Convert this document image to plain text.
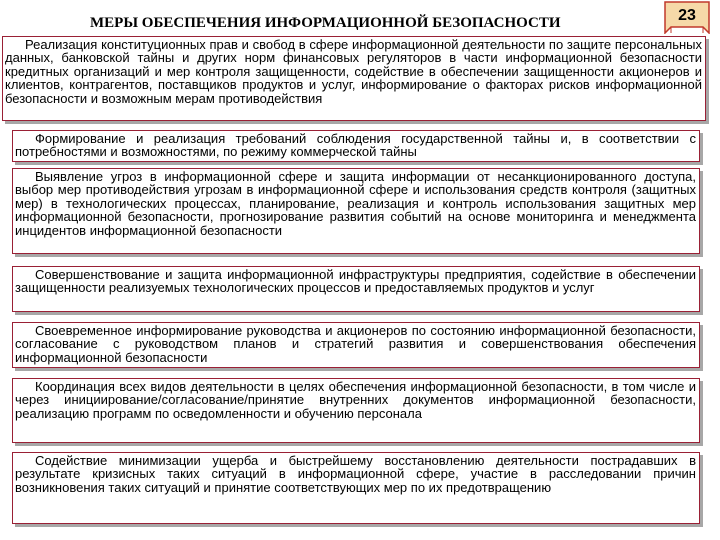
МЕРЫ ОБЕСПЕЧЕНИЯ ИНФОРМАЦИОННОЙ БЕЗОПАСНОСТИ	23

Реализация конституционных прав и свобод в сфере информационной деятельности по защите персональных данных, банковской тайны и других норм финансовых регуляторов в части информационной безопасности кредитных организаций и мер контроля защищенности, содействие в обеспечении защищенности акционеров и клиентов, контрагентов, поставщиков продуктов и услуг, информирование о факторах рисков информационной безопасности и возможным мерам противодействия

Формирование и реализация требований соблюдения государственной тайны и, в соответствии с потребностями и возможностями, по режиму коммерческой тайны

Выявление угроз в информационной сфере и защита информации от несанкционированного доступа, выбор мер противодействия угрозам в информационной сфере и использования средств контроля (защитных мер) в технологических процессах, планирование, реализация и контроль использования защитных мер информационной безопасности, прогнозирование развития событий на основе мониторинга и менеджмента инцидентов информационной безопасности

Совершенствование и защита информационной инфраструктуры предприятия, содействие в обеспечении защищенности реализуемых технологических процессов и предоставляемых продуктов и услуг

Своевременное информирование руководства и акционеров по состоянию информационной безопасности, согласование с руководством планов и стратегий развития и совершенствования обеспечения информационной безопасности

Координация всех видов деятельности в целях обеспечения информационной безопасности, в том числе и через инициирование/согласование/принятие внутренних документов информационной безопасности, реализацию программ по осведомленности и обучению персонала

Содействие минимизации ущерба и быстрейшему восстановлению деятельности пострадавших в результате кризисных таких ситуаций в информационной сфере, участие в расследовании причин возникновения таких ситуаций и принятие соответствующих мер по их предотвращению
